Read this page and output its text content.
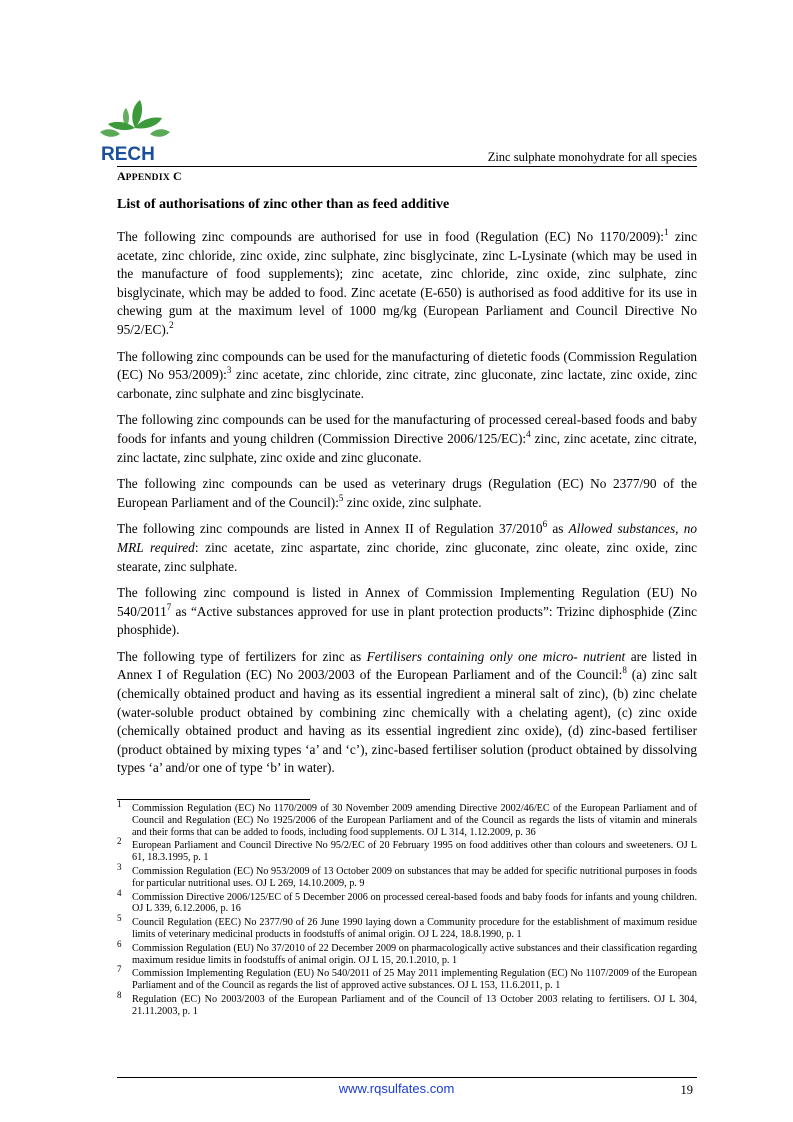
RECH	Zinc sulphate monohydrate for all species

APPENDIX C

List of authorisations of zinc other than as feed additive

The following zinc compounds are authorised for use in food (Regulation (EC) No 1170/2009):$^1$ zinc acetate, zinc chloride, zinc oxide, zinc sulphate, zinc bisglycinate, zinc L-Lysinate (which may be used in the manufacture of food supplements); zinc acetate, zinc chloride, zinc oxide, zinc sulphate, zinc bisglycinate, which may be added to food. Zinc acetate (E-650) is authorised as food additive for its use in chewing gum at the maximum level of 1000 mg/kg (European Parliament and Council Directive No 95/2/EC).$^2$

The following zinc compounds can be used for the manufacturing of dietetic foods (Commission Regulation (EC) No 953/2009):$^3$ zinc acetate, zinc chloride, zinc citrate, zinc gluconate, zinc lactate, zinc oxide, zinc carbonate, zinc sulphate and zinc bisglycinate.

The following zinc compounds can be used for the manufacturing of processed cereal-based foods and baby foods for infants and young children (Commission Directive 2006/125/EC):$^4$ zinc, zinc acetate, zinc citrate, zinc lactate, zinc sulphate, zinc oxide and zinc gluconate.

The following zinc compounds can be used as veterinary drugs (Regulation (EC) No 2377/90 of the European Parliament and of the Council):$^5$ zinc oxide, zinc sulphate.

The following zinc compounds are listed in Annex II of Regulation 37/2010$^6$ as Allowed substances, no MRL required: zinc acetate, zinc aspartate, zinc choride, zinc gluconate, zinc oleate, zinc oxide, zinc stearate, zinc sulphate.

The following zinc compound is listed in Annex of Commission Implementing Regulation (EU) No 540/2011$^7$ as “Active substances approved for use in plant protection products”: Trizinc diphosphide (Zinc phosphide).

The following type of fertilizers for zinc as Fertilisers containing only one micro- nutrient are listed in Annex I of Regulation (EC) No 2003/2003 of the European Parliament and of the Council:$^8$ (a) zinc salt (chemically obtained product and having as its essential ingredient a mineral salt of zinc), (b) zinc chelate (water-soluble product obtained by combining zinc chemically with a chelating agent), (c) zinc oxide (chemically obtained product and having as its essential ingredient zinc oxide), (d) zinc-based fertiliser (product obtained by mixing types ‘a’ and ‘c’), zinc-based fertiliser solution (product obtained by dissolving types ‘a’ and/or one of type ‘b’ in water).

1 Commission Regulation (EC) No 1170/2009 of 30 November 2009 amending Directive 2002/46/EC of the European Parliament and of Council and Regulation (EC) No 1925/2006 of the European Parliament and of the Council as regards the lists of vitamin and minerals and their forms that can be added to foods, including food supplements. OJ L 314, 1.12.2009, p. 36
2 European Parliament and Council Directive No 95/2/EC of 20 February 1995 on food additives other than colours and sweeteners. OJ L 61, 18.3.1995, p. 1
3 Commission Regulation (EC) No 953/2009 of 13 October 2009 on substances that may be added for specific nutritional purposes in foods for particular nutritional uses. OJ L 269, 14.10.2009, p. 9
4 Commission Directive 2006/125/EC of 5 December 2006 on processed cereal-based foods and baby foods for infants and young children. OJ L 339, 6.12.2006, p. 16
5 Council Regulation (EEC) No 2377/90 of 26 June 1990 laying down a Community procedure for the establishment of maximum residue limits of veterinary medicinal products in foodstuffs of animal origin. OJ L 224, 18.8.1990, p. 1
6 Commission Regulation (EU) No 37/2010 of 22 December 2009 on pharmacologically active substances and their classification regarding maximum residue limits in foodstuffs of animal origin. OJ L 15, 20.1.2010, p. 1
7 Commission Implementing Regulation (EU) No 540/2011 of 25 May 2011 implementing Regulation (EC) No 1107/2009 of the European Parliament and of the Council as regards the list of approved active substances. OJ L 153, 11.6.2011, p. 1
8 Regulation (EC) No 2003/2003 of the European Parliament and of the Council of 13 October 2003 relating to fertilisers. OJ L 304, 21.11.2003, p. 1
www.rqsulfates.com	19
